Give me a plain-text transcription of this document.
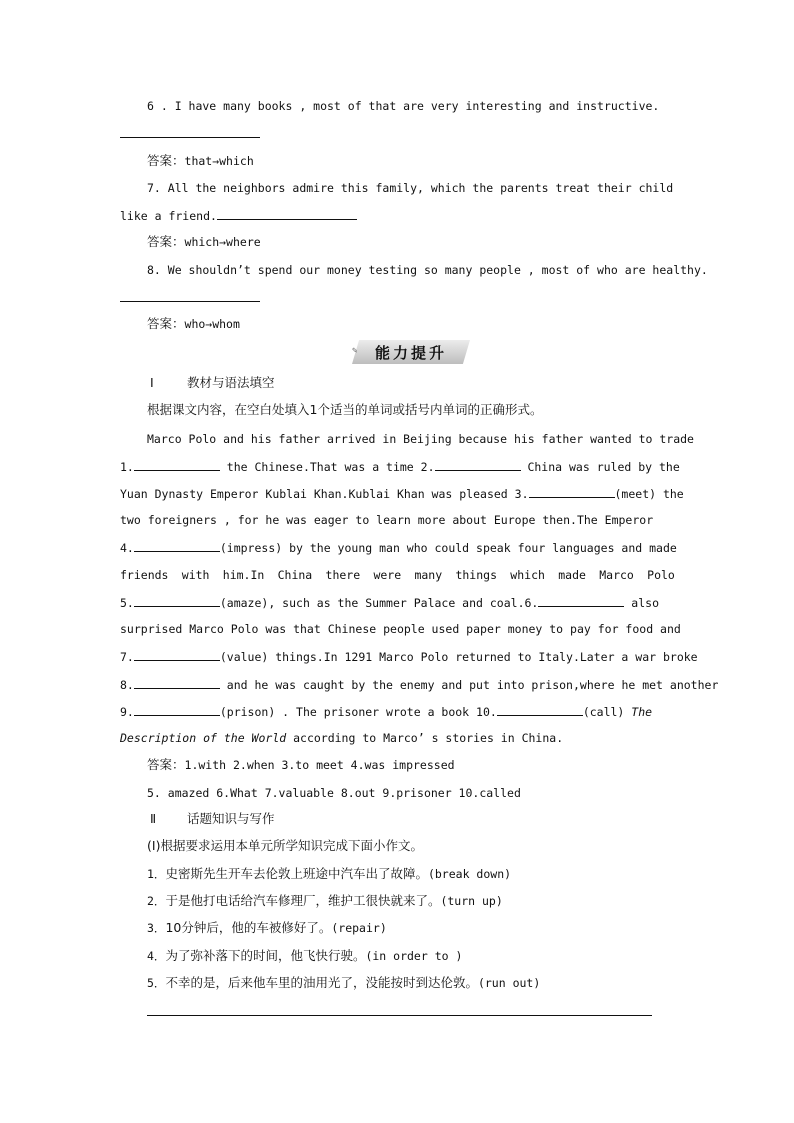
6 . I have many books , most of that are very interesting and instructive.
答案：that→which
7. All the neighbors admire this family, which the parents treat their child
like a friend.
答案：which→where
8. We shouldn’t spend our money testing so many people , most of who are healthy.
答案：who→whom
✎	能力提升
Ⅰ	教材与语法填空
根据课文内容，在空白处填入1个适当的单词或括号内单词的正确形式。
Marco Polo and his father arrived in Beijing because his father wanted to trade
1.	the Chinese.That was a time 2.	China was ruled by the
Yuan Dynasty Emperor Kublai Khan.Kublai Khan was pleased 3.	(meet) the
two foreigners , for he was eager to learn more about Europe then.The Emperor
4.	(impress) by the young man who could speak four languages and made
friends with him.In China there were many things which made Marco Polo
5.	(amaze), such as the Summer Palace and coal.6.	also
surprised Marco Polo was that Chinese people used paper money to pay for food and
7.	(value) things.In 1291 Marco Polo returned to Italy.Later a war broke
8.	and he was caught by the enemy and put into prison,where he met another
9.	(prison) . The prisoner wrote a book 10.	(call) The
Description of the World according to Marco’ s stories in China.
答案：1.with 2.when 3.to meet 4.was impressed
5. amazed 6.What 7.valuable 8.out 9.prisoner 10.called
Ⅱ 话题知识与写作
(Ⅰ)根据要求运用本单元所学知识完成下面小作文。
1．史密斯先生开车去伦敦上班途中汽车出了故障。(break down)
2．于是他打电话给汽车修理厂，维护工很快就来了。(turn up)
3．10分钟后，他的车被修好了。(repair)
4．为了弥补落下的时间，他飞快行驶。(in order to )
5．不幸的是，后来他车里的油用光了，没能按时到达伦敦。(run out)
